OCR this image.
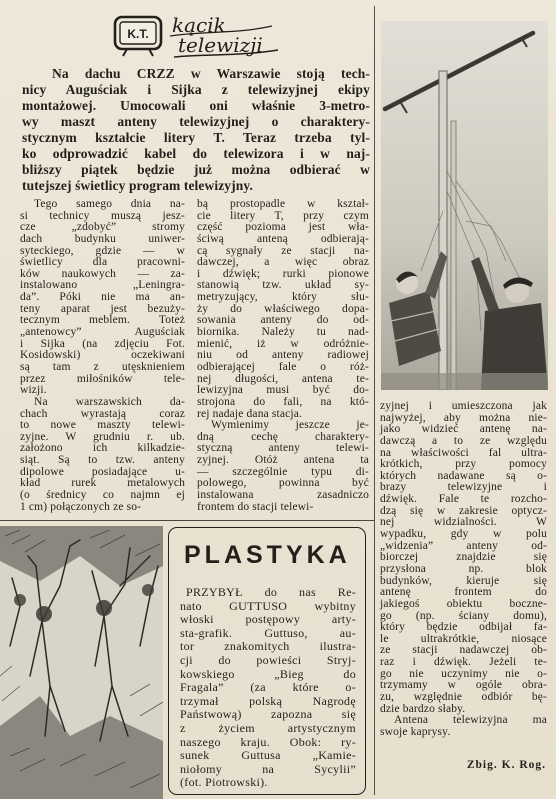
K.T. kącik
telewizji
Na dachu CRZZ w Warszawie stoją tech-
nicy Auguściak i Sijka z telewizyjnej ekipy
montażowej. Umocowali oni właśnie 3-metro-
wy maszt anteny telewizyjnej o charaktery-
stycznym kształcie litery T. Teraz trzeba tyl-
ko odprowadzić kabel do telewizora i w naj-
bliższy piątek będzie już można odbierać w
tutejszej świetlicy program telewizyjny.
Tego samego dnia na-
si technicy muszą jesz-
cze „zdobyć” stromy
dach budynku uniwer-
syteckiego, gdzie — w
świetlicy dla pracowni-
ków naukowych — za-
instalowano „Leningra-
da”. Póki nie ma an-
teny aparat jest bezuży-
tecznym meblem. Toteż
„antenowcy” Auguściak
i Sijka (na zdjęciu Fot.
Kosidowski) oczekiwani
są tam z utęsknieniem
przez miłośników tele-
wizji.
Na warszawskich da-
chach wyrastają coraz
to nowe maszty telewi-
zyjne. W grudniu r. ub.
założono ich kilkadzie-
siąt. Są to tzw. anteny
dipolowe posiadające u-
kład rurek metalowych
(o średnicy co najmn ej
1 cm) połączonych ze so-
bą prostopadle w kształ-
cie litery T, przy czym
część pozioma jest wła-
ściwą anteną odbierają-
cą sygnały ze stacji na-
dawczej, a więc obraz
i dźwięk; rurki pionowe
stanowią tzw. układ sy-
metryzujący, który słu-
ży do właściwego dopa-
sowania anteny do od-
biornika. Należy tu nad-
mienić, iż w odróżnie-
niu od anteny radiowej
odbierającej fale o róż-
nej długości, antena te-
lewizyjna musi być do-
strojona do fali, na któ-
rej nadaje dana stacja.
Wymienimy jeszcze je-
dną cechę charaktery-
styczną anteny telewi-
zyjnej. Otóż antena ta
— szczególnie typu di-
polowego, powinna być
instalowana zasadniczo
frontem do stacji telewi-
zyjnej i umieszczona jak
najwyżej, aby można nie-
jako widzieć antenę na-
dawczą a to ze względu
na właściwości fal ultra-
krótkich, przy pomocy
których nadawane są o-
brazy telewizyjne i
dźwięk. Fale te rozcho-
dzą się w zakresie optycz-
nej widzialności. W
wypadku, gdy w polu
„widzenia” anteny od-
biorczej znajdzie się
przysłona np. blok
budynków, kieruje się
antenę frontem do
jakiegoś obiektu boczne-
go (np. ściany domu),
który będzie odbijał fa-
le ultrakrótkie, niosące
ze stacji nadawczej ob-
raz i dźwięk. Jeżeli te-
go nie uczynimy nie o-
trzymamy w ogóle obra-
zu, względnie odbiór bę-
dzie bardzo słaby.
Antena telewizyjna ma
swoje kaprysy.
Zbig. K. Rog.
PLASTYKA
PRZYBYŁ do nas Re-
nato GUTTUSO wybitny
włoski postępowy arty-
sta-grafik. Guttuso, au-
tor znakomitych ilustra-
cji do powieści Stryj-
kowskiego „Bieg do
Fragala” (za które o-
trzymał polską Nagrodę
Państwową) zapozna się
z życiem artystycznym
naszego kraju. Obok: ry-
sunek Guttusa „Kamie-
niołomy na Sycylii”
(fot. Piotrowski).
